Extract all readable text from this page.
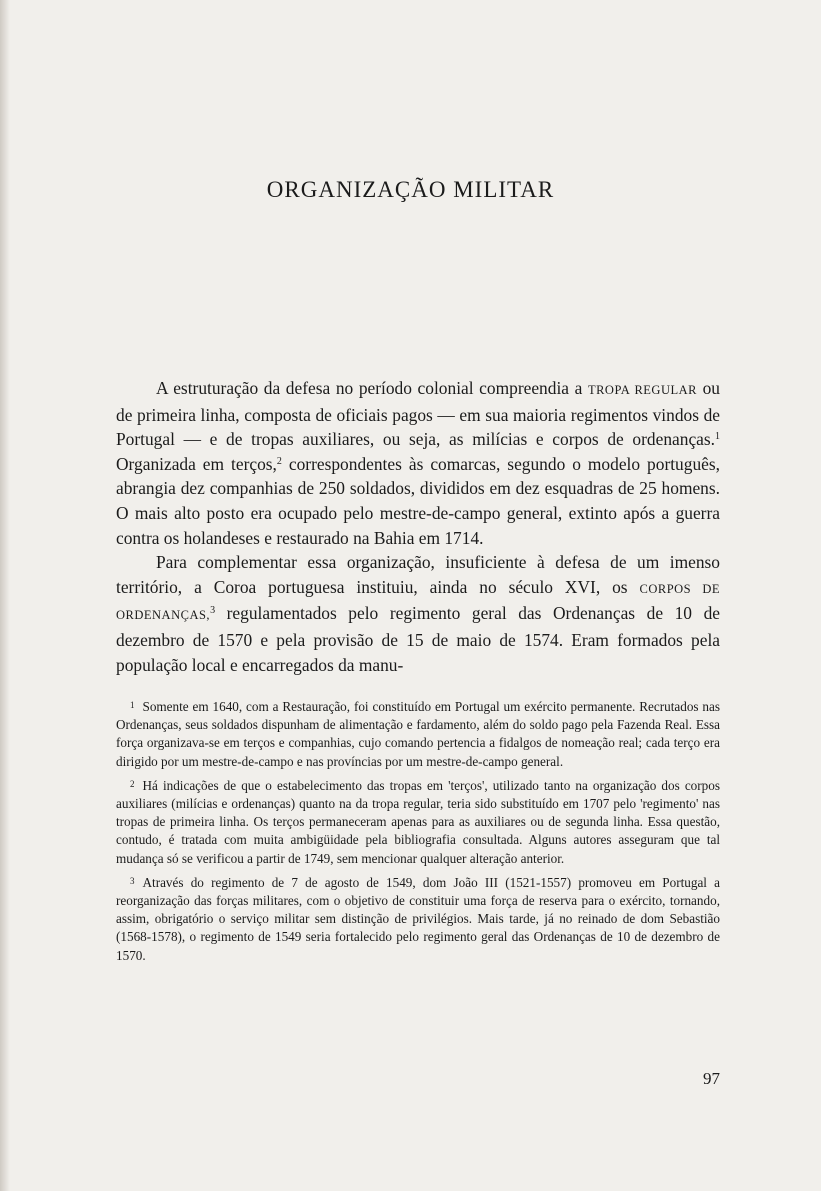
ORGANIZAÇÃO MILITAR

A estruturação da defesa no período colonial compreendia a TROPA REGULAR ou de primeira linha, composta de oficiais pagos — em sua maioria regimentos vindos de Portugal — e de tropas auxiliares, ou seja, as milícias e corpos de ordenanças.$^1$ Organizada em terços,$^2$ correspondentes às comarcas, segundo o modelo português, abrangia dez companhias de 250 soldados, divididos em dez esquadras de 25 homens. O mais alto posto era ocupado pelo mestre-de-campo general, extinto após a guerra contra os holandeses e restaurado na Bahia em 1714.

Para complementar essa organização, insuficiente à defesa de um imenso território, a Coroa portuguesa instituiu, ainda no século XVI, os CORPOS DE ORDENANÇAS,$^3$ regulamentados pelo regimento geral das Ordenanças de 10 de dezembro de 1570 e pela provisão de 15 de maio de 1574. Eram formados pela população local e encarregados da manu-

$^1$ Somente em 1640, com a Restauração, foi constituído em Portugal um exército permanente. Recrutados nas Ordenanças, seus soldados dispunham de alimentação e fardamento, além do soldo pago pela Fazenda Real. Essa força organizava-se em terços e companhias, cujo comando pertencia a fidalgos de nomeação real; cada terço era dirigido por um mestre-de-campo e nas províncias por um mestre-de-campo general.

$^2$ Há indicações de que o estabelecimento das tropas em 'terços', utilizado tanto na organização dos corpos auxiliares (milícias e ordenanças) quanto na da tropa regular, teria sido substituído em 1707 pelo 'regimento' nas tropas de primeira linha. Os terços permaneceram apenas para as auxiliares ou de segunda linha. Essa questão, contudo, é tratada com muita ambigüidade pela bibliografia consultada. Alguns autores asseguram que tal mudança só se verificou a partir de 1749, sem mencionar qualquer alteração anterior.

$^3$ Através do regimento de 7 de agosto de 1549, dom João III (1521-1557) promoveu em Portugal a reorganização das forças militares, com o objetivo de constituir uma força de reserva para o exército, tornando, assim, obrigatório o serviço militar sem distinção de privilégios. Mais tarde, já no reinado de dom Sebastião (1568-1578), o regimento de 1549 seria fortalecido pelo regimento geral das Ordenanças de 10 de dezembro de 1570.

97
